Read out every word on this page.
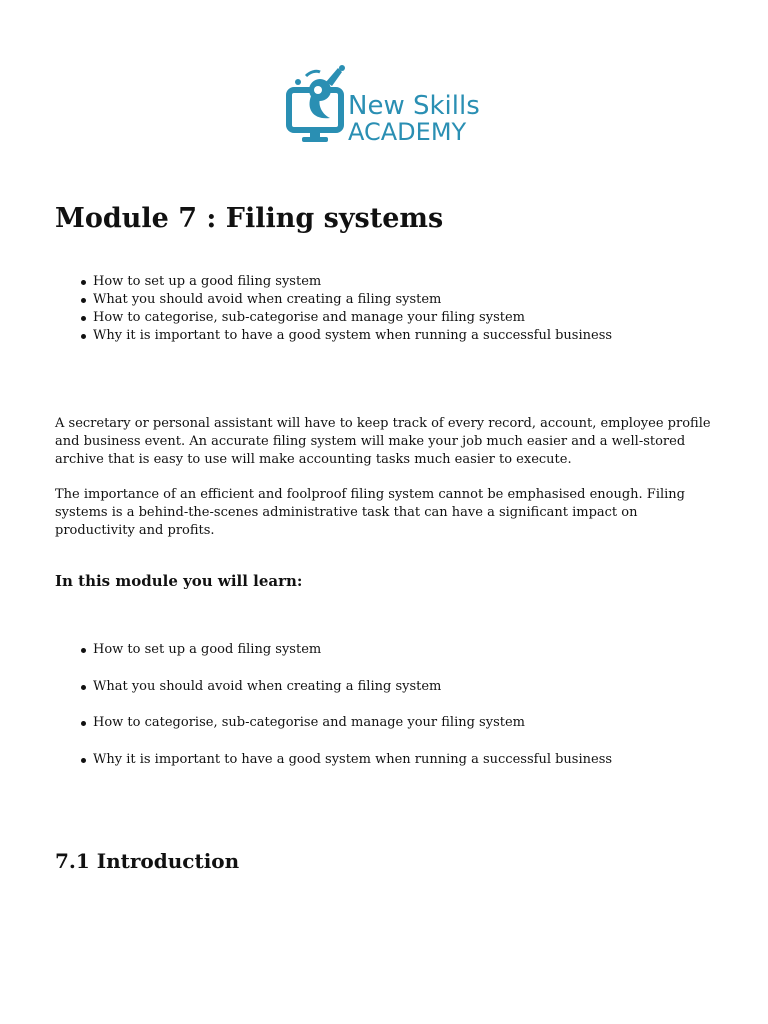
New Skills
ACADEMY
Module 7 : Filing systems
How to set up a good filing system
What you should avoid when creating a filing system
How to categorise, sub-categorise and manage your filing system
Why it is important to have a good system when running a successful business

A secretary or personal assistant will have to keep track of every record, account, employee profile and business event. An accurate filing system will make your job much easier and a well-stored archive that is easy to use will make accounting tasks much easier to execute.

The importance of an efficient and foolproof filing system cannot be emphasised enough. Filing systems is a behind-the-scenes administrative task that can have a significant impact on productivity and profits.

In this module you will learn:
How to set up a good filing system
What you should avoid when creating a filing system
How to categorise, sub-categorise and manage your filing system
Why it is important to have a good system when running a successful business
7.1 Introduction
